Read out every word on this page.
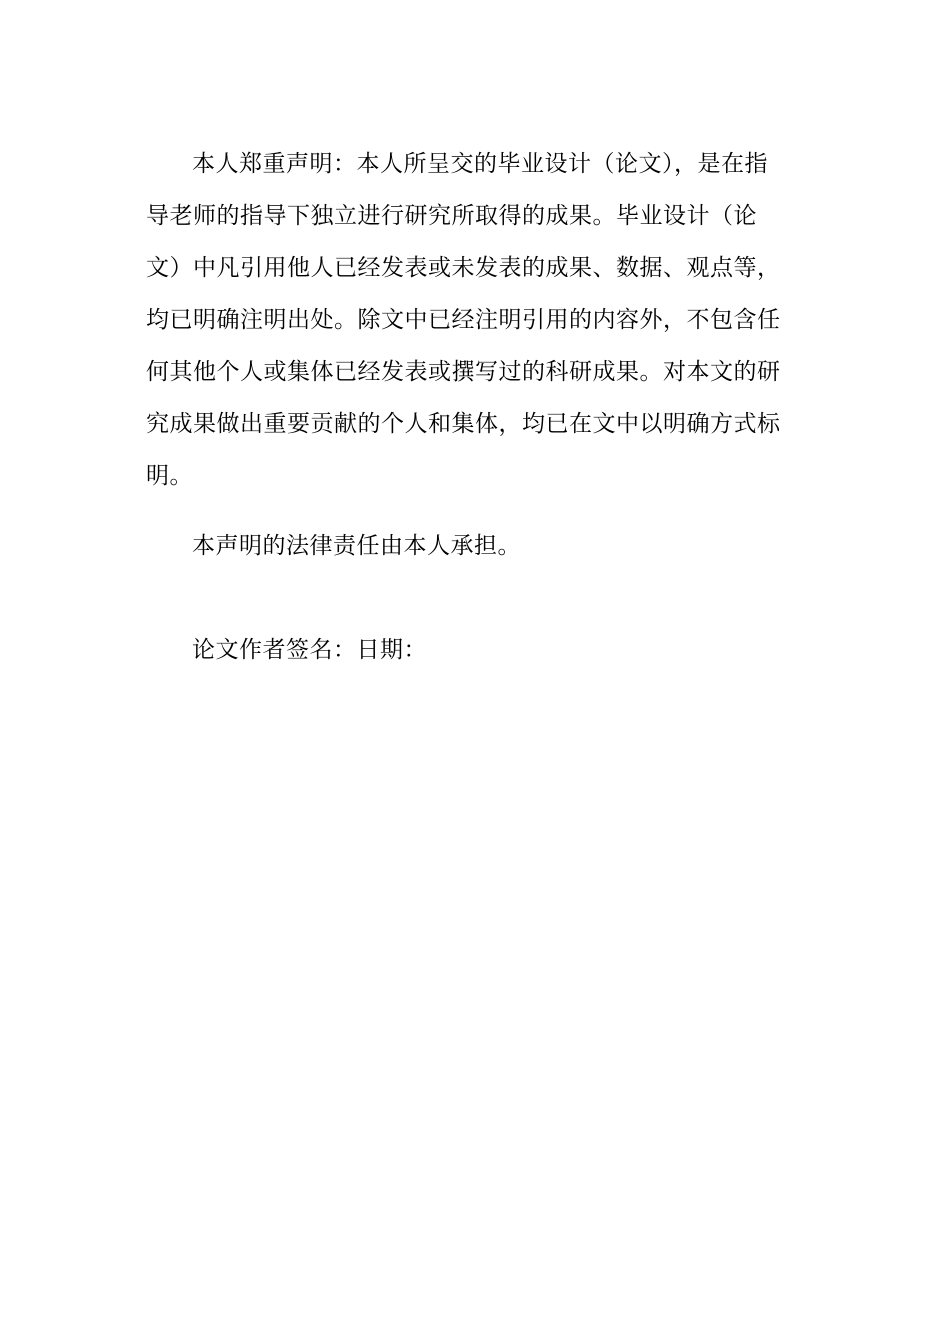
本人郑重声明：本人所呈交的毕业设计（论文），是在指
导老师的指导下独立进行研究所取得的成果。毕业设计（论
文）中凡引用他人已经发表或未发表的成果、数据、观点等，
均已明确注明出处。除文中已经注明引用的内容外，不包含任
何其他个人或集体已经发表或撰写过的科研成果。对本文的研
究成果做出重要贡献的个人和集体，均已在文中以明确方式标
明。

本声明的法律责任由本人承担。

论文作者签名：日期：
